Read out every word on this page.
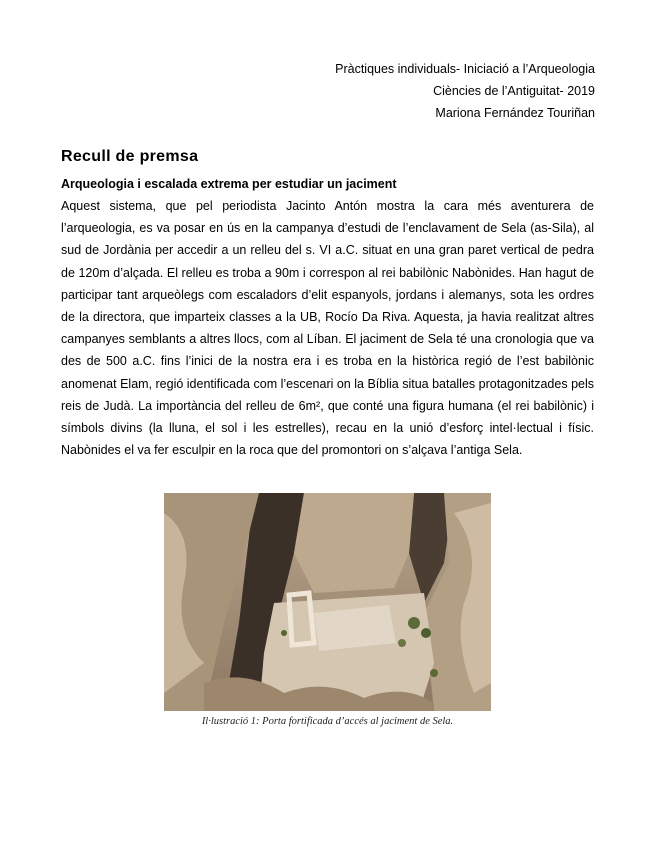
Pràctiques individuals- Iniciació a l’Arqueologia
Ciències de l’Antiguitat- 2019
Mariona Fernández Touriñan
Recull de premsa
Arqueologia i escalada extrema per estudiar un jaciment

Aquest sistema, que pel periodista Jacinto Antón mostra la cara més aventurera de l’arqueologia, es va posar en ús en la campanya d’estudi de l’enclavament de Sela (as-Sila), al sud de Jordània per accedir a un relleu del s. VI a.C. situat en una gran paret vertical de pedra de 120m d’alçada. El relleu es troba a 90m i correspon al rei babilònic Nabònides. Han hagut de participar tant arqueòlegs com escaladors d’elit espanyols, jordans i alemanys, sota les ordres de la directora, que imparteix classes a la UB, Rocío Da Riva. Aquesta, ja havia realitzat altres campanyes semblants a altres llocs, com al Líban. El jaciment de Sela té una cronologia que va des de 500 a.C. fins l’inici de la nostra era i es troba en la històrica regió de l’est babilònic anomenat Elam, regió identificada com l’escenari on la Bíblia situa batalles protagonitzades pels reis de Judà. La importància del relleu de 6m², que conté una figura humana (el rei babilònic) i símbols divins (la lluna, el sol i les estrelles), recau en la unió d’esforç intel·lectual i físic. Nabònides el va fer esculpir en la roca que del promontori on s’alçava l’antiga Sela.

Il·lustració 1: Porta fortificada d’accés al jaciment de Sela.
